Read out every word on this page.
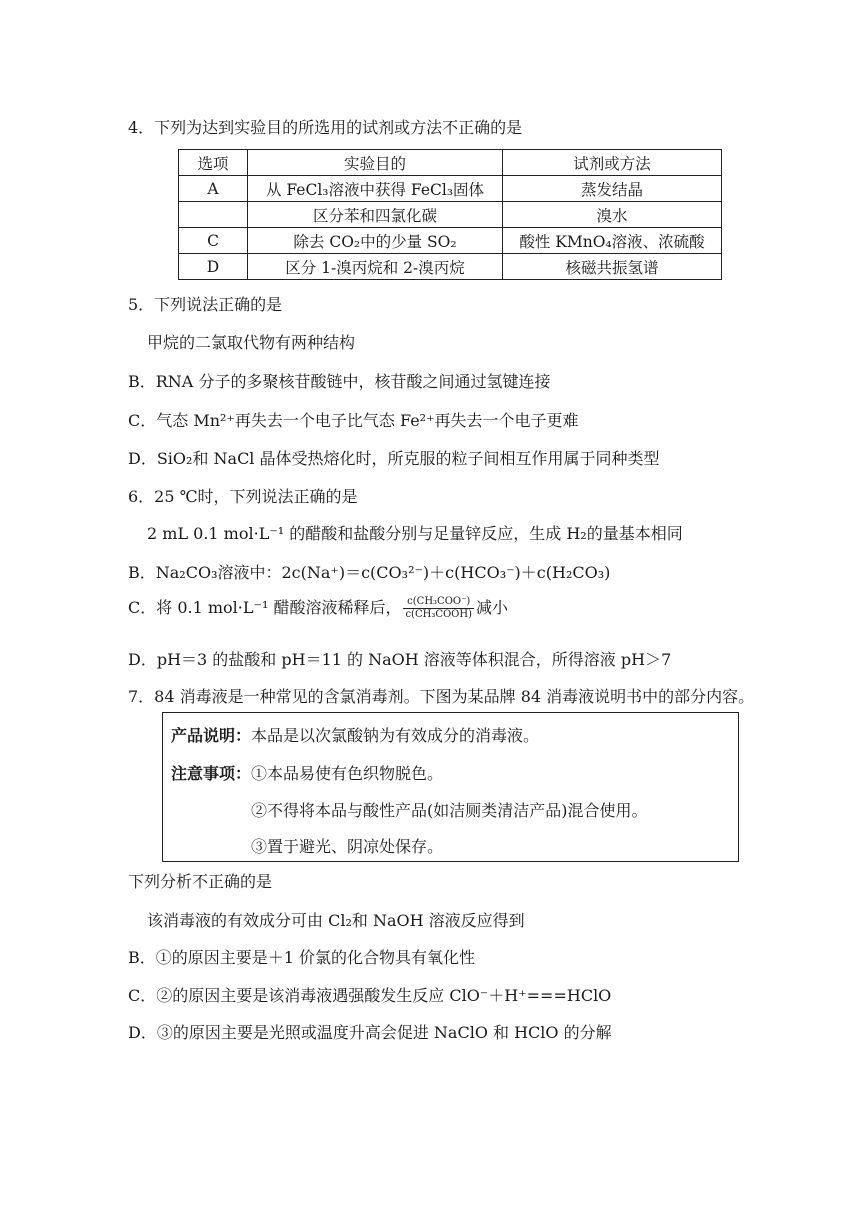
4．下列为达到实验目的所选用的试剂或方法不正确的是
选项	实验目的	试剂或方法
A	从 FeCl₃溶液中获得 FeCl₃固体	蒸发结晶
	区分苯和四氯化碳	溴水
C	除去 CO₂中的少量 SO₂	酸性 KMnO₄溶液、浓硫酸
D	区分 1-溴丙烷和 2-溴丙烷	核磁共振氢谱
5．下列说法正确的是
甲烷的二氯取代物有两种结构
B．RNA 分子的多聚核苷酸链中，核苷酸之间通过氢键连接
C．气态 Mn²⁺再失去一个电子比气态 Fe²⁺再失去一个电子更难
D．SiO₂和 NaCl 晶体受热熔化时，所克服的粒子间相互作用属于同种类型
6．25 ℃时，下列说法正确的是
2 mL 0.1 mol·L⁻¹ 的醋酸和盐酸分别与足量锌反应，生成 H₂的量基本相同
B．Na₂CO₃溶液中：2c(Na⁺)＝c(CO₃²⁻)＋c(HCO₃⁻)＋c(H₂CO₃)
C．将 0.1 mol·L⁻¹ 醋酸溶液稀释后， $\frac{\text{c(CH₃COO⁻)}}{\text{c(CH₃COOH)}}$ 减小
D．pH＝3 的盐酸和 pH＝11 的 NaOH 溶液等体积混合，所得溶液 pH＞7
7．84 消毒液是一种常见的含氯消毒剂。下图为某品牌 84 消毒液说明书中的部分内容。
产品说明：本品是以次氯酸钠为有效成分的消毒液。
注意事项：①本品易使有色织物脱色。
②不得将本品与酸性产品(如洁厕类清洁产品)混合使用。
③置于避光、阴凉处保存。
下列分析不正确的是
该消毒液的有效成分可由 Cl₂和 NaOH 溶液反应得到
B．①的原因主要是＋1 价氯的化合物具有氧化性
C．②的原因主要是该消毒液遇强酸发生反应 ClO⁻＋H⁺===HClO
D．③的原因主要是光照或温度升高会促进 NaClO 和 HClO 的分解
